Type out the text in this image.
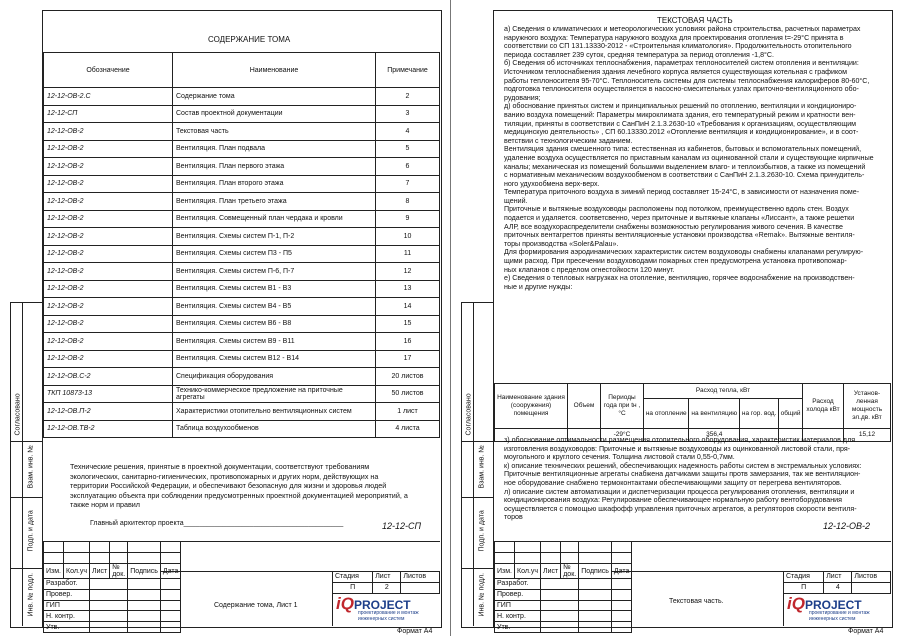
Согласовано
Взам. инв. №
Подп. и дата
Инв. № подл.
СОДЕРЖАНИЕ ТОМА
Обозначение	Наименование	Примечание
12-12-ОВ-2.С	Содержание тома	2
12-12-СП	Состав проектной документации	3
12-12-ОВ-2	Текстовая часть	4
12-12-ОВ-2	Вентиляция. План подвала	5
12-12-ОВ-2	Вентиляция. План первого этажа	6
12-12-ОВ-2	Вентиляция. План второго этажа	7
12-12-ОВ-2	Вентиляция. План третьего этажа	8
12-12-ОВ-2	Вентиляция. Совмещенный план чердака и кровли	9
12-12-ОВ-2	Вентиляция. Схемы систем П-1, П-2	10
12-12-ОВ-2	Вентиляция. Схемы систем П3 - П5	11
12-12-ОВ-2	Вентиляция. Схемы систем П-6, П-7	12
12-12-ОВ-2	Вентиляция. Схемы систем В1 - В3	13
12-12-ОВ-2	Вентиляция. Схемы систем В4 - В5	14
12-12-ОВ-2	Вентиляция. Схемы систем В6 - В8	15
12-12-ОВ-2	Вентиляция. Схемы систем В9 - В11	16
12-12-ОВ-2	Вентиляция. Схемы систем В12 - В14	17
12-12-ОВ.С-2	Спецификация оборудования	20 листов
ТКП 10873-13	Технико-коммерческое предложение на приточные агрегаты	50 листов
12-12-ОВ.П-2	Характеристики отопительно вентиляционных систем	1 лист
12-12-ОВ.ТВ-2	Таблица воздухообменов	4 листа
Технические решения, принятые в проектной документации, соответствуют требованиям экологических, санитарно-гигиенических, противопожарных и других норм, действующих на территории Российской Федерации, и обеспечивают безопасную для жизни и здоровья людей эксплуатацию объекта при соблюдении предусмотренных проектной документацией мероприятий, а также норм и правил
Главный архитектор проекта_________________________________________	12-12-СП

Изм.	Кол.уч	Лист	№ док.	Подпись	Дата
Разработ.					
Провер.					
ГИП					
Н. контр.					
Утв.					
Стадия	Лист	Листов
П	2	
Содержание тома, Лист 1 iQPROJECT
проектирование и монтаж
инженерных систем
Формат А4
Согласовано
Взам. инв. №
Подп. и дата
Инв. № подл.
ТЕКСТОВАЯ ЧАСТЬ
а) Сведения о климатических и метеорологических условиях района строительства, расчетных параметрах
наружного воздуха: Температура наружного воздуха для проектирования отопления t=-29°С принята в
соответствии со СП 131.13330-2012 - «Строительная климатология». Продолжительность отопительного
периода составляет 239 суток, средняя температура за период отопления -1,8°С.
б) Сведения об источниках теплоснабжения, параметрах теплоносителей систем отопления и вентиляции:
Источником теплоснабжения здания лечебного корпуса является существующая котельная с графиком
работы теплоносителя 95-70°С. Теплоноситель системы для системы теплоснабжения калориферов 80-60°С,
подготовка теплоносителя осуществляется в насосно-смесительных узлах приточно-вентиляционного обо-
рудования;
д) обоснование принятых систем и принципиальных решений по отоплению, вентиляции и кондициониро-
ванию воздуха помещений: Параметры микроклимата здания, его температурный режим и кратности вен-
тиляции, приняты в соответствии с СанПиН 2.1.3.2630-10 «Требования к организациям, осуществляющим
медицинскую деятельность» , СП 60.13330.2012 «Отопление вентиляция и кондиционирование», и в соот-
ветствии с технологическим заданием.
Вентиляция здания смешенного типа: естественная из кабинетов, бытовых и вспомогательных помещений,
удаление воздуха осуществляется по приставным каналам из оцинкованной стали и существующие кирпичные
каналы; механическая из помещений большими выделением влаго- и теплоизбытков, а также из помещений
с нормативным механическим воздухообменом в соответствии с СанПиН 2.1.3.2630-10. Схема принудитель-
ного удухообмена верх-верх.
Температура приточного воздуха в зимний период составляет 15-24°С, в зависимости от назначения поме-
щений.
Приточные и вытяжные воздуховоды расположены под потолком, преимущественно вдоль стен. Воздух
подается и удаляется. соответсвенно, через приточные и вытяжные клапаны «Лиссант», а также решетки
АЛР, все воздухораспределители снабжены возможностью регулирования живого сечения. В качестве
приточных вентагрегтов приняты вентиляционные установки производства «Remak». Вытяжные вентиля-
торы производства «Soler&Palau».
Для формирования аэродинамических характеристик систем воздуховоды снабжены клапанами регулирую-
щими расход. При пресечении воздуховодами пожарных стен предусмотрена установка противопожар-
ных клапанов с пределом огнестойкости 120 минут.
е) Сведения о тепловых нагрузках на отопление, вентиляцию, горячее водоснабжение на производствен-
ные и другие нужды:
Наименование здания (сооружения) помещения	Объем	Периоды года при tн , °С	Расход тепла, кВт				Расход холода кВт	Установ-ленная мощность эл.дв. кВт
			на отопление	на вентиляцию	на гор. вод.	общий		
		-29°С		356,4				15,12
з) обоснование оптимальности размещения отопительного оборудования, характеристик материалов для
изготовления воздуховодов: Приточные и вытяжные воздуховоды из оцинкованной листовой стали, пря-
моугольного и круглого сечения. Толщина листовой стали 0,55-0,7мм.
к) описание технических решений, обеспечивающих надежность работы систем в экстремальных условиях:
Приточные вентиляционные агрегаты снабжена датчиками защиты протв замерзания, так же вентиляцион-
ное оборудование снабжено термоконтактами обеспечивающими защиту от перегрева вентиляторов.
л) описание систем автоматизации и диспетчеризации процесса регулирования отопления, вентиляции и
кондиционирования воздуха: Регулирование обеспечивающее нормальную работу вентоборудования
осуществляется с помощью шкафофф управления приточных агрегатов, а регуляторов скорости вентиля-
торов
12-12-ОВ-2

Изм.	Кол.уч	Лист	№ док.	Подпись	Дата
Разработ.					
Провер.					
ГИП					
Н. контр.					
Утв.					
Стадия	Лист	Листов
П	4	
Текстовая часть.	iQPROJECT
проектирование и монтаж
инженерных систем
Формат А4
